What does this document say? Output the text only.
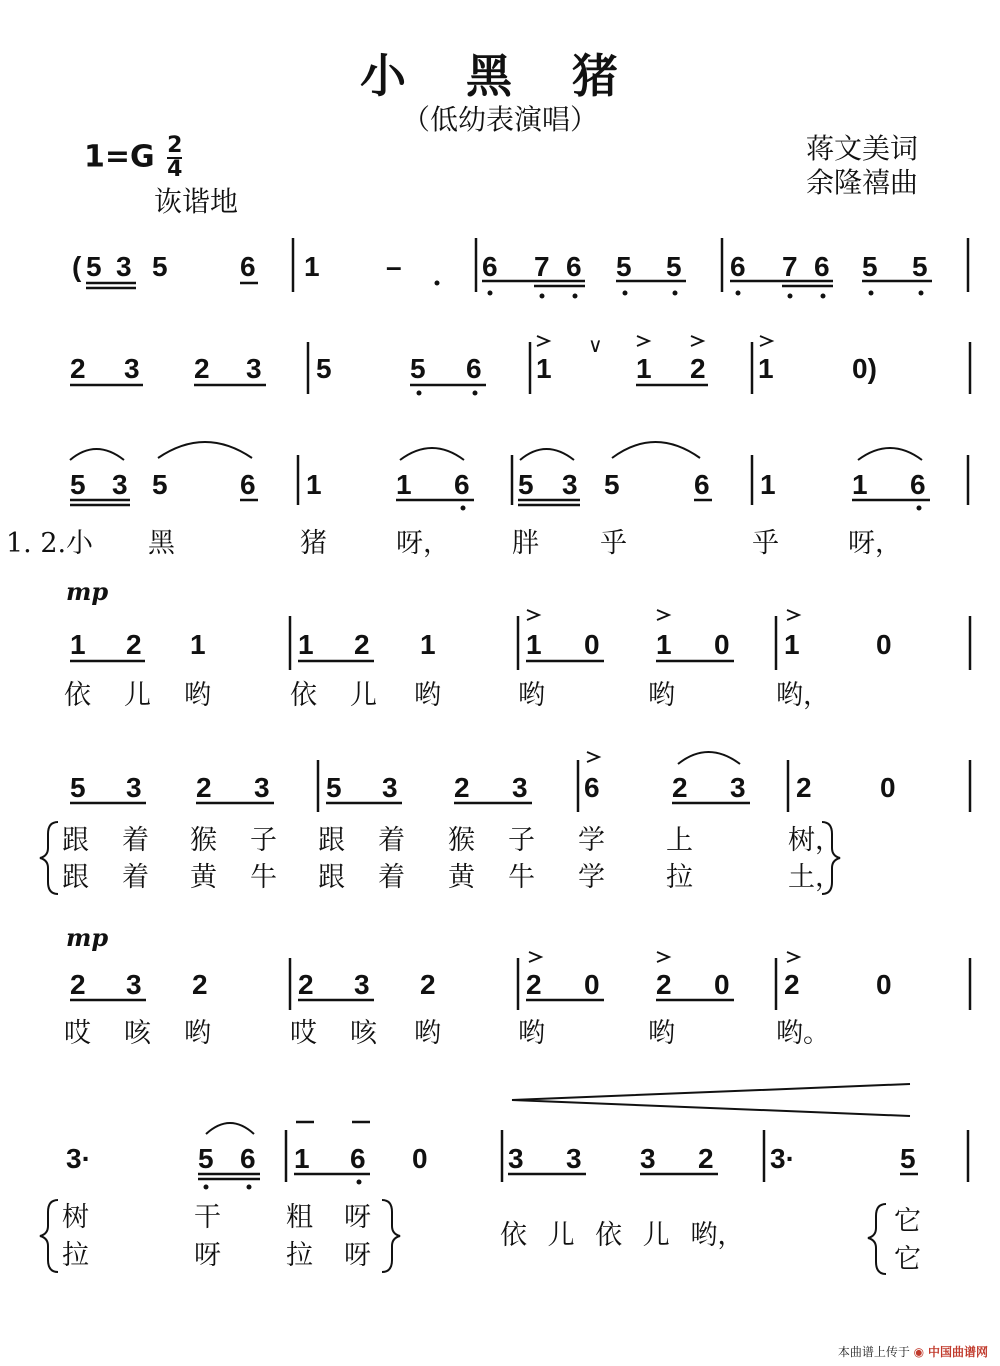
小 黑 猪
（低幼表演唱）
$1=G \frac{2}{4}$
诙谐地
蒋文美词
余隆禧曲
( 5 3 5	6 1 –	6 7 6 5 5 6 7 6 5 5
2 3 2 3 5	5 6 1
∨
1 2 1	0)
5 3 5	6 1	1 6 5 3 5	6 1	1 6
1. 2. 小 黑	猪	呀， 胖 乎	乎	呀，
mp
1 2 1	1 2 1	1 0 1 0 1	0
依 儿 哟	依 儿 哟	哟	哟	哟，
5 3 2 3 5 3 2 3 6	2 3 2 0
跟 着 猴 子 跟 着 猴 子 学 上	树，
跟 着 黄 牛 跟 着 黄 牛 学 拉	土，
mp
2 3 2	2 3 2	2 0 2 0 2	0
哎 咳 哟	哎 咳 哟	哟	哟	哟。
3·	5 6 1 6 0	3 3 3 2 3·	5
树	干 粗 呀
拉	呀 拉 呀
依 儿 依 儿 哟，	它
它
本曲谱上传于 ◉ 中国曲谱网
